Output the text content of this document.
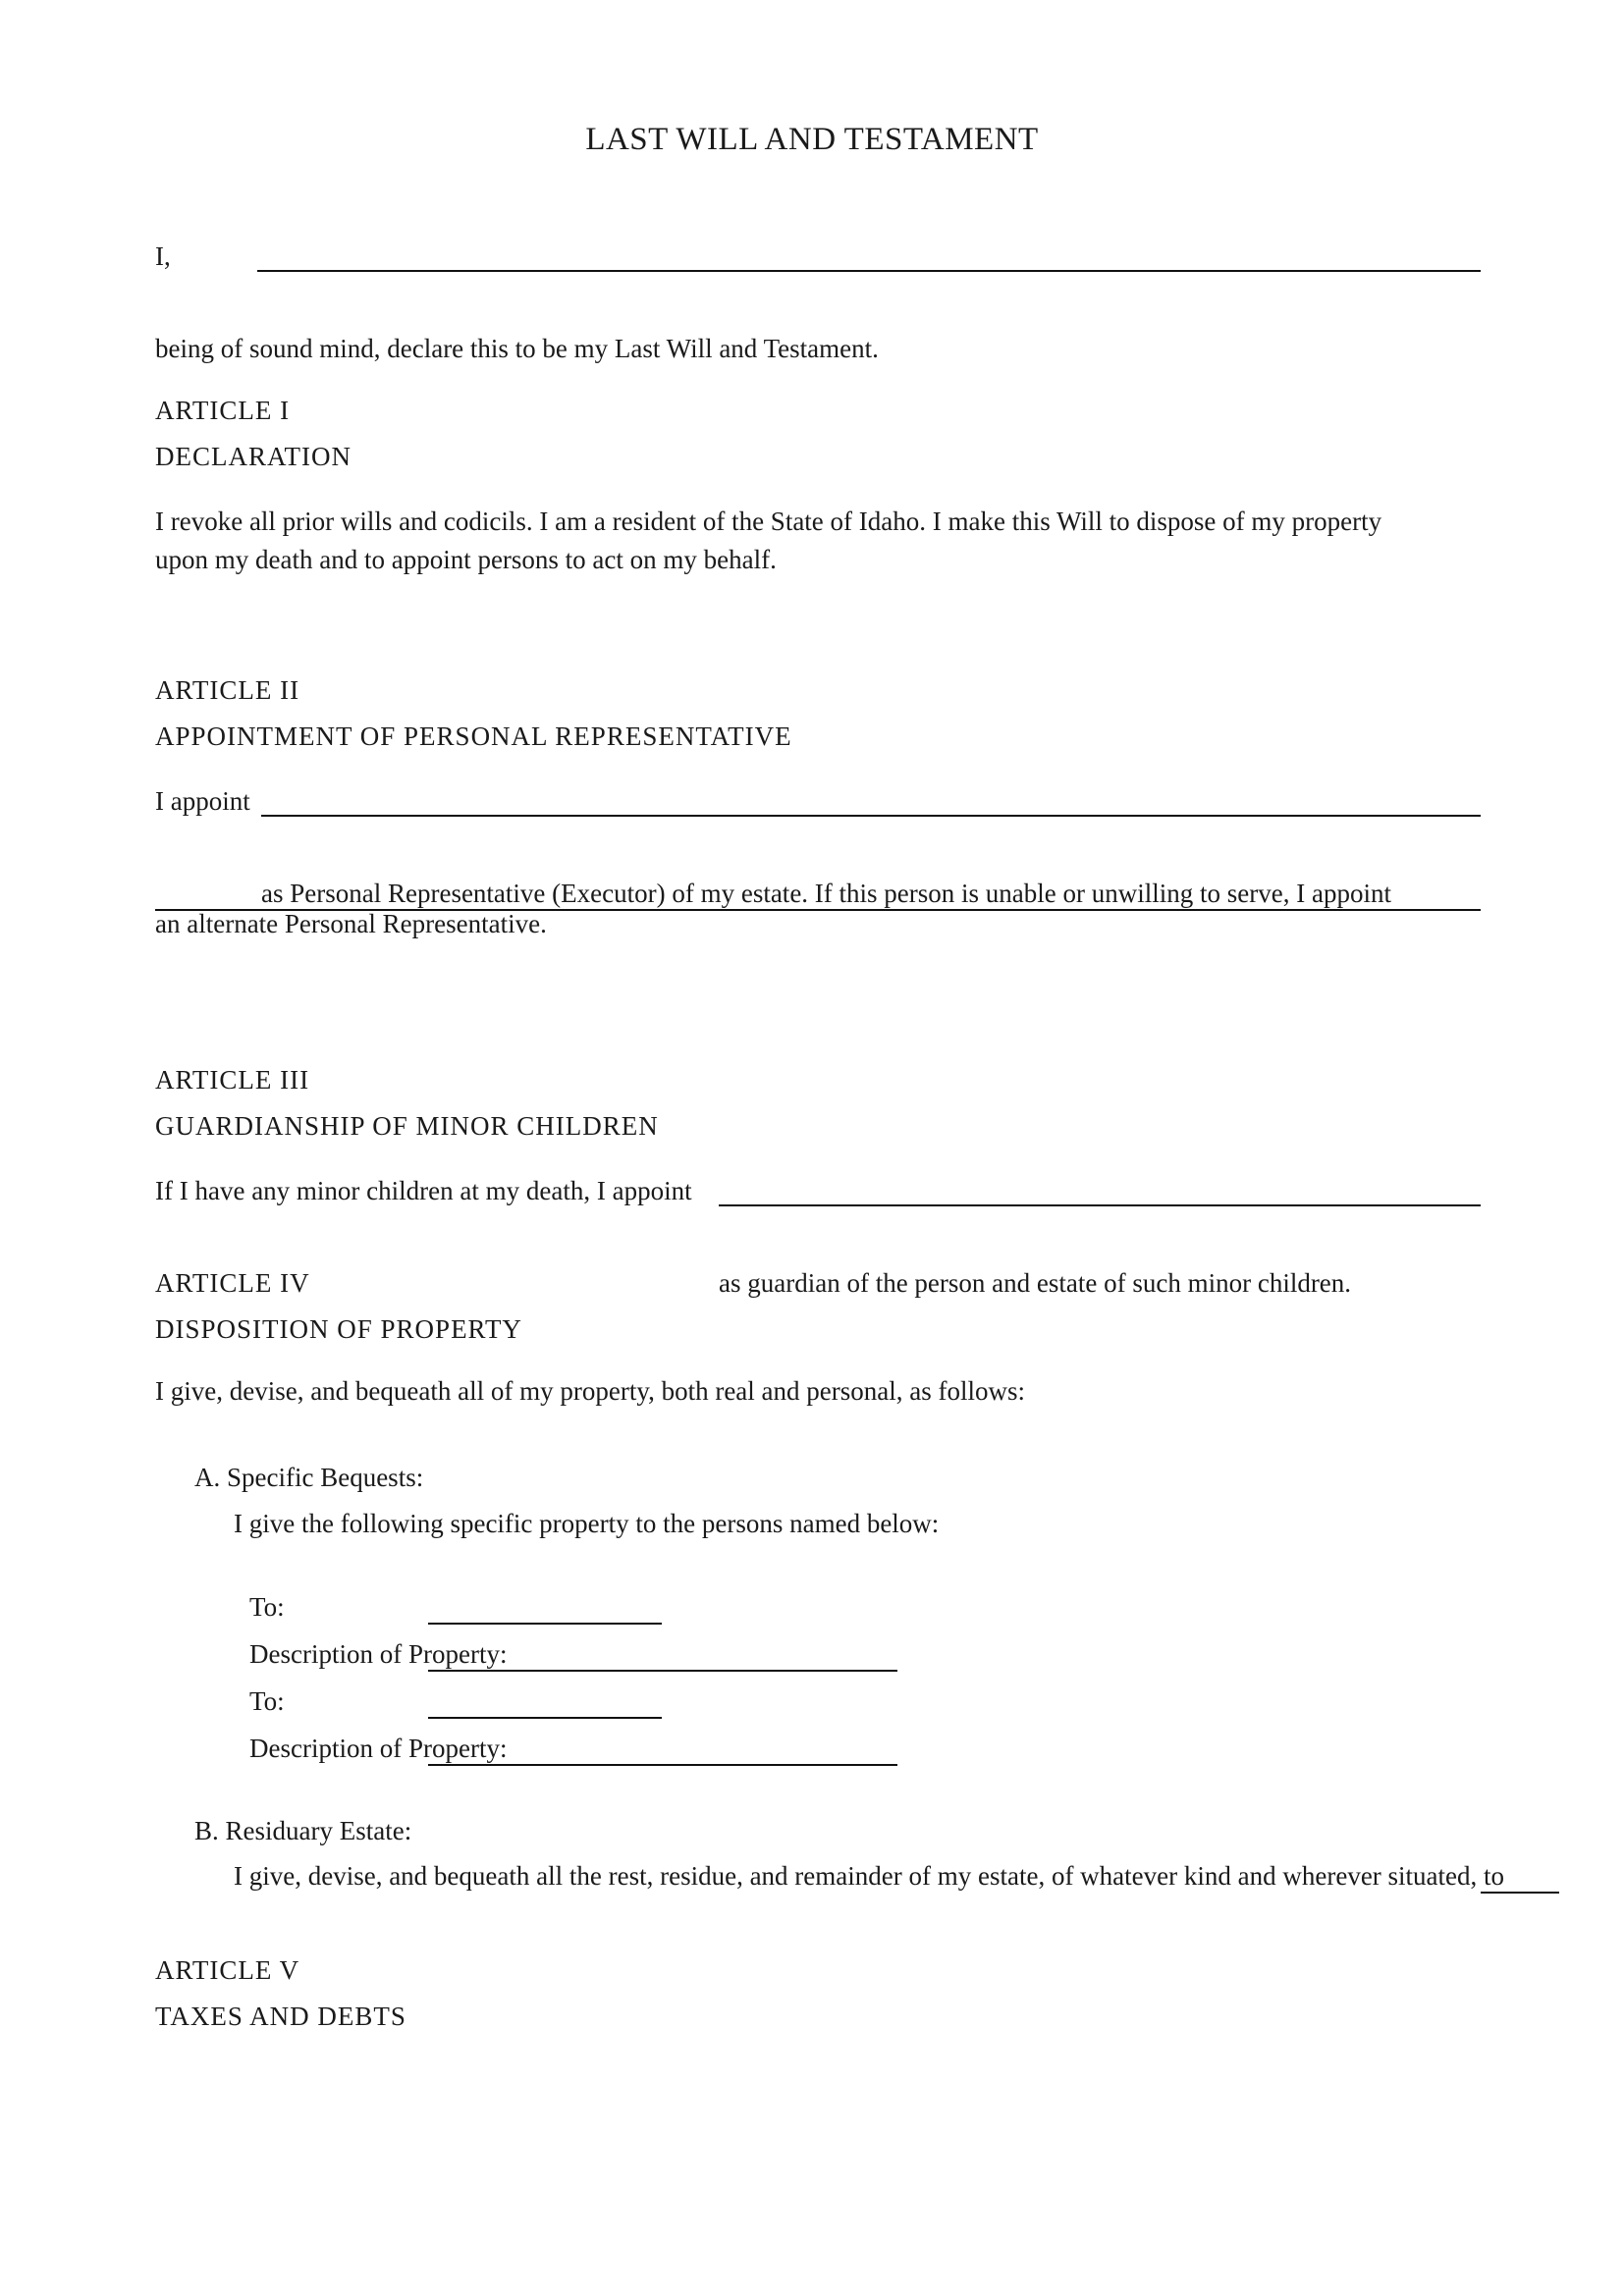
LAST WILL AND TESTAMENT
I,
being of sound mind, declare this to be my Last Will and Testament.
ARTICLE I
DECLARATION
I revoke all prior wills and codicils. I am a resident of the State of Idaho. I make this Will to dispose of my property
upon my death and to appoint persons to act on my behalf.
ARTICLE II
APPOINTMENT OF PERSONAL REPRESENTATIVE
I appoint
as Personal Representative (Executor) of my estate. If this person is unable or unwilling to serve, I appoint
an alternate Personal Representative.
ARTICLE III
GUARDIANSHIP OF MINOR CHILDREN
If I have any minor children at my death, I appoint
ARTICLE IV	as guardian of the person and estate of such minor children.
DISPOSITION OF PROPERTY
I give, devise, and bequeath all of my property, both real and personal, as follows:
A. Specific Bequests:
I give the following specific property to the persons named below:
To:
Description of Property:
To:
Description of Property:
B. Residuary Estate:
I give, devise, and bequeath all the rest, residue, and remainder of my estate, of whatever kind and wherever situated, to
ARTICLE V
TAXES AND DEBTS
